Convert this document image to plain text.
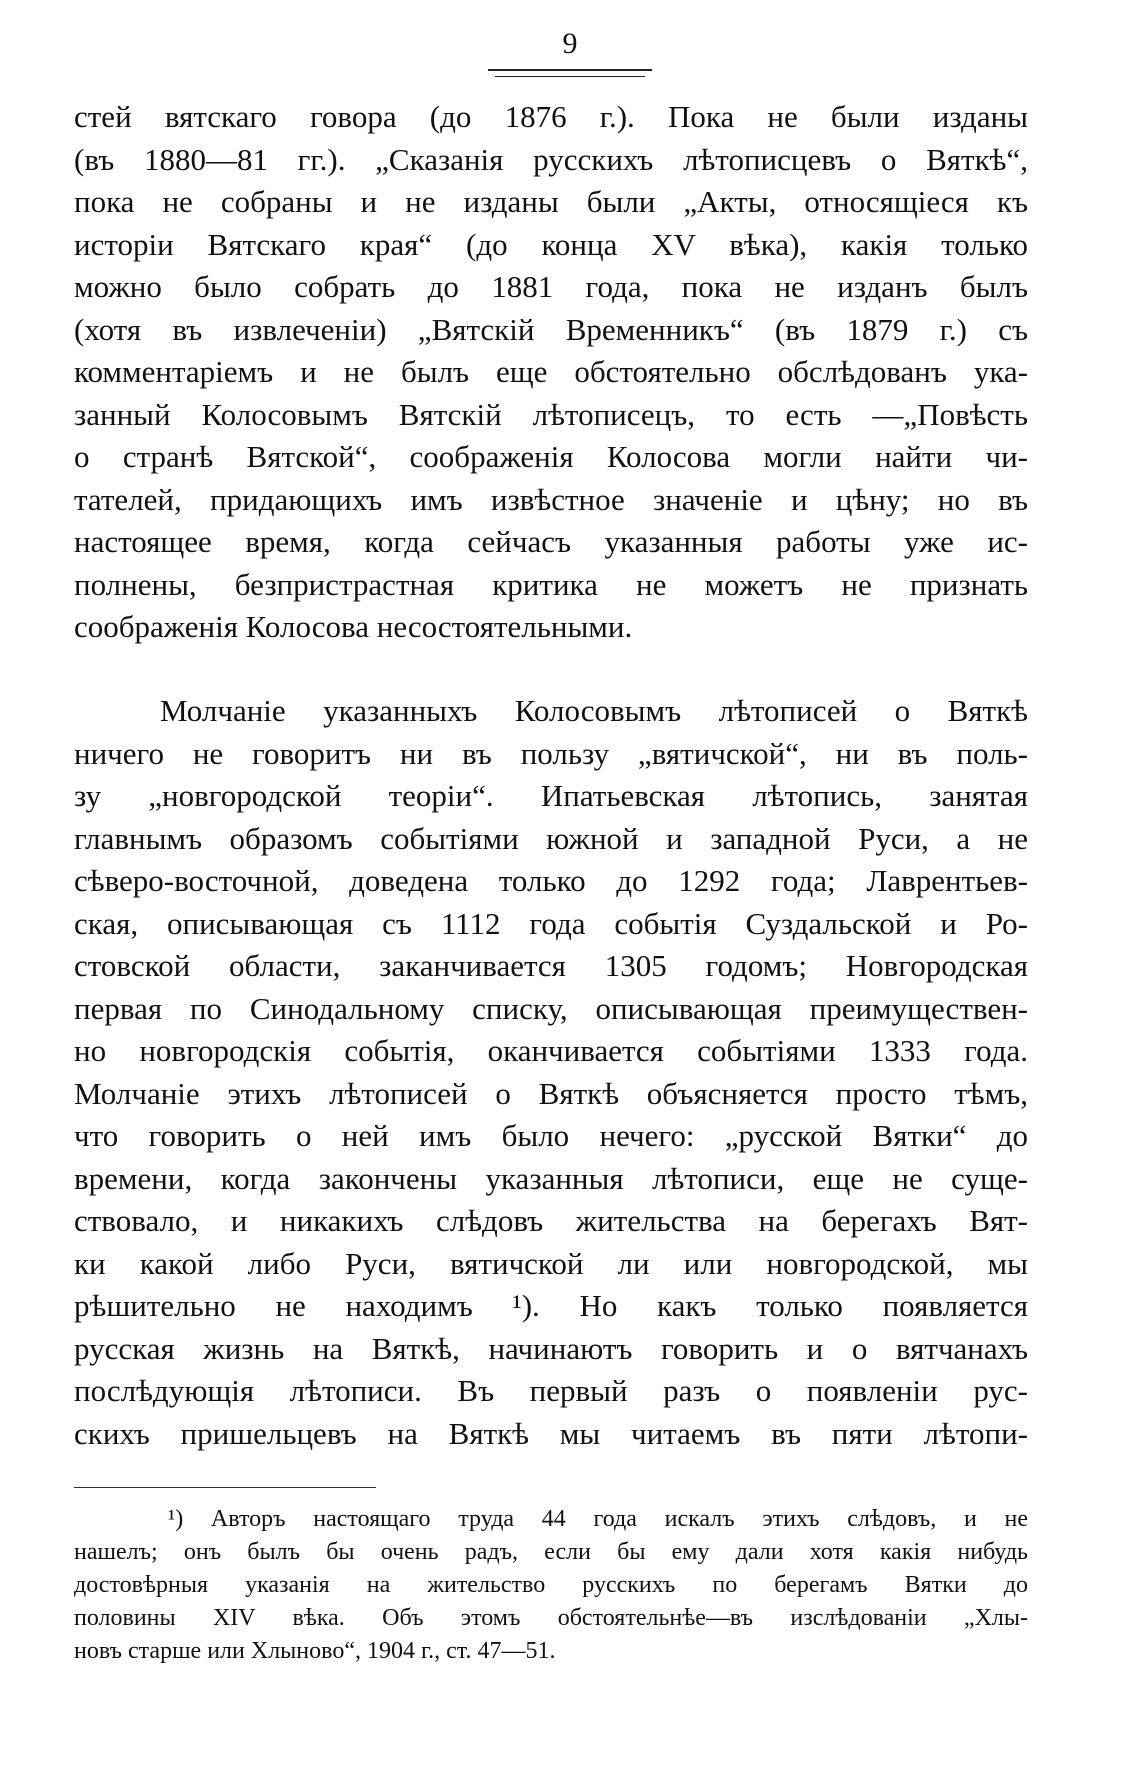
9
стей вятскаго говора (до 1876 г.). Пока не были изданы
(въ 1880—81 гг.). „Сказанія русскихъ лѣтописцевъ о Вяткѣ“,
пока не собраны и не изданы были „Акты, относящіеся къ
исторіи Вятскаго края“ (до конца XV вѣка), какія только
можно было собрать до 1881 года, пока не изданъ былъ
(хотя въ извлеченіи) „Вятскій Временникъ“ (въ 1879 г.) съ
комментаріемъ и не былъ еще обстоятельно обслѣдованъ ука-
занный Колосовымъ Вятскій лѣтописецъ, то есть —„Повѣсть
о странѣ Вятской“, соображенія Колосова могли найти чи-
тателей, придающихъ имъ извѣстное значеніе и цѣну; но въ
настоящее время, когда сейчасъ указанныя работы уже ис-
полнены, безпристрастная критика не можетъ не признать
соображенія Колосова несостоятельными.
Молчаніе указанныхъ Колосовымъ лѣтописей о Вяткѣ
ничего не говоритъ ни въ пользу „вятичской“, ни въ поль-
зу „новгородской теоріи“. Ипатьевская лѣтопись, занятая
главнымъ образомъ событіями южной и западной Руси, а не
сѣверо-восточной, доведена только до 1292 года; Лаврентьев-
ская, описывающая съ 1112 года событія Суздальской и Ро-
стовской области, заканчивается 1305 годомъ; Новгородская
первая по Синодальному списку, описывающая преимуществен-
но новгородскія событія, оканчивается событіями 1333 года.
Молчаніе этихъ лѣтописей о Вяткѣ объясняется просто тѣмъ,
что говорить о ней имъ было нечего: „русской Вятки“ до
времени, когда закончены указанныя лѣтописи, еще не суще-
ствовало, и никакихъ слѣдовъ жительства на берегахъ Вят-
ки какой либо Руси, вятичской ли или новгородской, мы
рѣшительно не находимъ ¹). Но какъ только появляется
русская жизнь на Вяткѣ, начинаютъ говорить и о вятчанахъ
послѣдующія лѣтописи. Въ первый разъ о появленіи рус-
скихъ пришельцевъ на Вяткѣ мы читаемъ въ пяти лѣтопи-
¹) Авторъ настоящаго труда 44 года искалъ этихъ слѣдовъ, и не
нашелъ; онъ былъ бы очень радъ, если бы ему дали хотя какія нибудь
достовѣрныя указанія на жительство русскихъ по берегамъ Вятки до
половины XIV вѣка. Объ этомъ обстоятельнѣе—въ изслѣдованіи „Хлы-
новъ старше или Хлыново“, 1904 г., ст. 47—51.
